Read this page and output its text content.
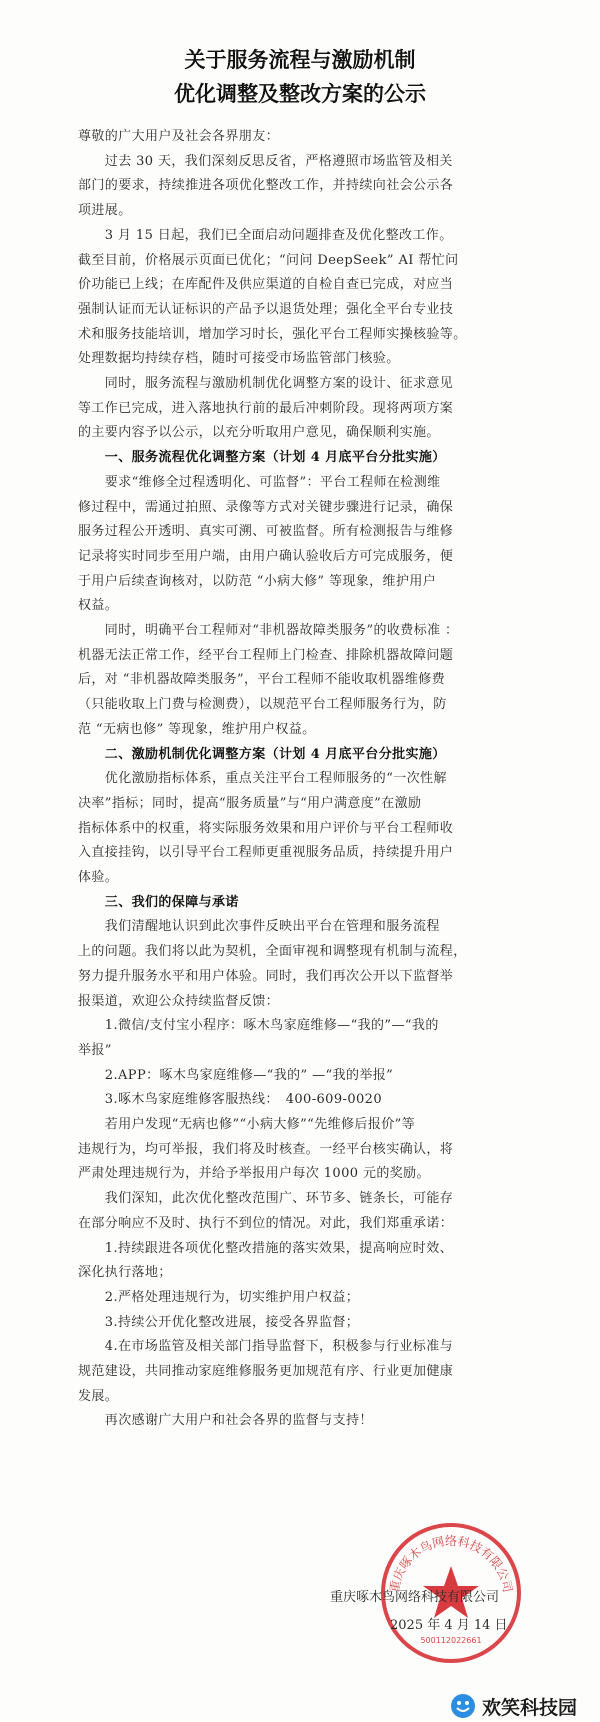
关于服务流程与激励机制
优化调整及整改方案的公示
尊敬的广大用户及社会各界朋友：
　　过去 30 天，我们深刻反思反省，严格遵照市场监管及相关
部门的要求，持续推进各项优化整改工作，并持续向社会公示各
项进展。
　　3 月 15 日起，我们已全面启动问题排查及优化整改工作。
截至目前，价格展示页面已优化；“问问 DeepSeek” AI 帮忙问
价功能已上线；在库配件及供应渠道的自检自查已完成，对应当
强制认证而无认证标识的产品予以退货处理；强化全平台专业技
术和服务技能培训，增加学习时长，强化平台工程师实操核验等。
处理数据均持续存档，随时可接受市场监管部门核验。
　　同时，服务流程与激励机制优化调整方案的设计、征求意见
等工作已完成，进入落地执行前的最后冲刺阶段。现将两项方案
的主要内容予以公示，以充分听取用户意见，确保顺利实施。
　　一、服务流程优化调整方案（计划 4 月底平台分批实施）
　　要求“维修全过程透明化、可监督”：平台工程师在检测维
修过程中，需通过拍照、录像等方式对关键步骤进行记录，确保
服务过程公开透明、真实可溯、可被监督。所有检测报告与维修
记录将实时同步至用户端，由用户确认验收后方可完成服务，便
于用户后续查询核对，以防范 “小病大修” 等现象，维护用户
权益。
　　同时，明确平台工程师对“非机器故障类服务”的收费标准 ：
机器无法正常工作，经平台工程师上门检查、排除机器故障问题
后，对 “非机器故障类服务”，平台工程师不能收取机器维修费
（只能收取上门费与检测费），以规范平台工程师服务行为，防
范 “无病也修” 等现象，维护用户权益。
　　二、激励机制优化调整方案（计划 4 月底平台分批实施）
　　优化激励指标体系，重点关注平台工程师服务的“一次性解
决率”指标；同时，提高“服务质量”与“用户满意度”在激励
指标体系中的权重，将实际服务效果和用户评价与平台工程师收
入直接挂钩，以引导平台工程师更重视服务品质，持续提升用户
体验。
　　三、我们的保障与承诺
　　我们清醒地认识到此次事件反映出平台在管理和服务流程
上的问题。我们将以此为契机，全面审视和调整现有机制与流程，
努力提升服务水平和用户体验。同时，我们再次公开以下监督举
报渠道，欢迎公众持续监督反馈：
　　1.微信/支付宝小程序：啄木鸟家庭维修—“我的”—“我的
举报”
　　2.APP：啄木鸟家庭维修—“我的” —“我的举报”
　　3.啄木鸟家庭维修客服热线：　400-609-0020
　　若用户发现“无病也修”“小病大修”“先维修后报价”等
违规行为，均可举报，我们将及时核查。一经平台核实确认，将
严肃处理违规行为，并给予举报用户每次 1000 元的奖励。
　　我们深知，此次优化整改范围广、环节多、链条长，可能存
在部分响应不及时、执行不到位的情况。对此，我们郑重承诺：
　　1.持续跟进各项优化整改措施的落实效果，提高响应时效、
深化执行落地；
　　2.严格处理违规行为，切实维护用户权益；
　　3.持续公开优化整改进展，接受各界监督；
　　4.在市场监管及相关部门指导监督下，积极参与行业标准与
规范建设，共同推动家庭维修服务更加规范有序、行业更加健康
发展。
　　再次感谢广大用户和社会各界的监督与支持！
重庆啄木鸟网络科技有限公司
500112022661
重庆啄木鸟网络科技有限公司
2025 年 4 月 14 日
欢笑科技园
